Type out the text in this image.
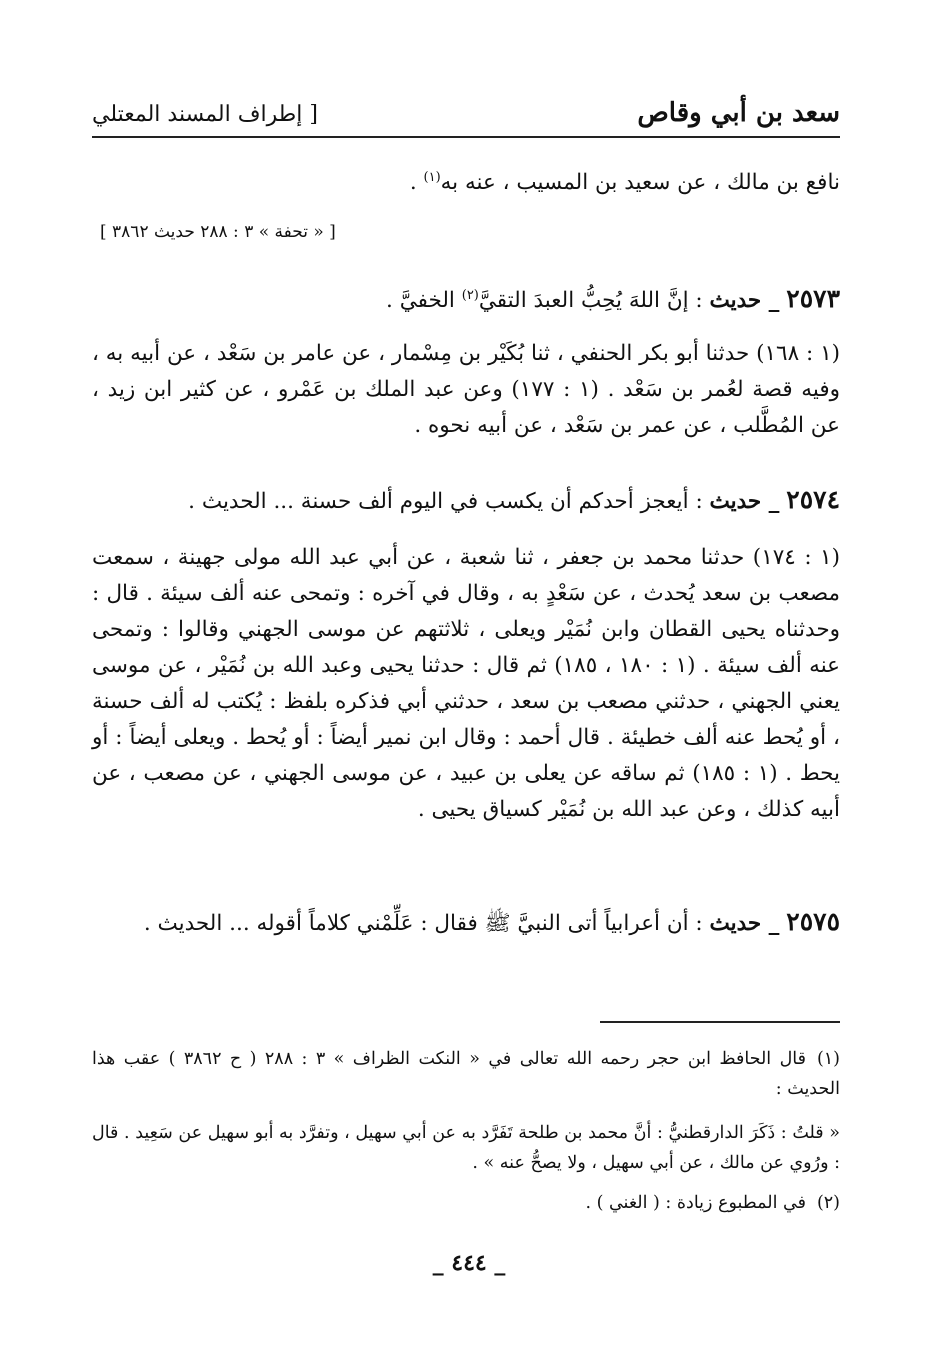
سعد بن أبي وقاص
[ إطراف المسند المعتلي
نافع بن مالك ، عن سعيد بن المسيب ، عنه به$^{(١)}$ .
[ « تحفة » ٣ : ٢٨٨ حديث ٣٨٦٢ ]
٢٥٧٣ _ حديث : إنَّ اللهَ يُحِبُّ العبدَ التقيَّ$^{(٢)}$ الخفيَّ .
(١ : ١٦٨) حدثنا أبو بكر الحنفي ، ثنا بُكَيْر بن مِسْمار ، عن عامر بن سَعْد ، عن أبيه به ، وفيه قصة لعُمر بن سَعْد . (١ : ١٧٧) وعن عبد الملك بن عَمْرو ، عن كثير ابن زيد ، عن المُطَّلب ، عن عمر بن سَعْد ، عن أبيه نحوه .
٢٥٧٤ _ حديث : أيعجز أحدكم أن يكسب في اليوم ألف حسنة ... الحديث .
(١ : ١٧٤) حدثنا محمد بن جعفر ، ثنا شعبة ، عن أبي عبد الله مولى جهينة ، سمعت مصعب بن سعد يُحدث ، عن سَعْدٍ به ، وقال في آخره : وتمحى عنه ألف سيئة . قال : وحدثناه يحيى القطان وابن نُمَيْر ويعلى ، ثلاثتهم عن موسى الجهني وقالوا : وتمحى عنه ألف سيئة . (١ : ١٨٠ ، ١٨٥) ثم قال : حدثنا يحيى وعبد الله بن نُمَيْر ، عن موسى يعني الجهني ، حدثني مصعب بن سعد ، حدثني أبي فذكره بلفظ : يُكتب له ألف حسنة ، أو يُحط عنه ألف خطيئة . قال أحمد : وقال ابن نمير أيضاً : أو يُحط . ويعلى أيضاً : أو يحط . (١ : ١٨٥) ثم ساقه عن يعلى بن عبيد ، عن موسى الجهني ، عن مصعب ، عن أبيه كذلك ، وعن عبد الله بن نُمَيْر كسياق يحيى .
٢٥٧٥ _ حديث : أن أعرابياً أتى النبيَّ ﷺ فقال : عَلِّمْني كلاماً أقوله ... الحديث .
(١)قال الحافظ ابن حجر رحمه الله تعالى في « النكت الظراف » ٣ : ٢٨٨ ( ح ٣٨٦٢ ) عقب هذا الحديث :
« قلتُ : ذَكَرَ الدارقطنيُّ : أنَّ محمد بن طلحة تَفَرَّد به عن أبي سهيل ، وتفرَّد به أبو سهيل عن سَعِيد . قال : ورُوي عن مالك ، عن أبي سهيل ، ولا يصحُّ عنه » .
(٢)في المطبوع زيادة : ( الغني ) .
_ ٤٤٤ _
